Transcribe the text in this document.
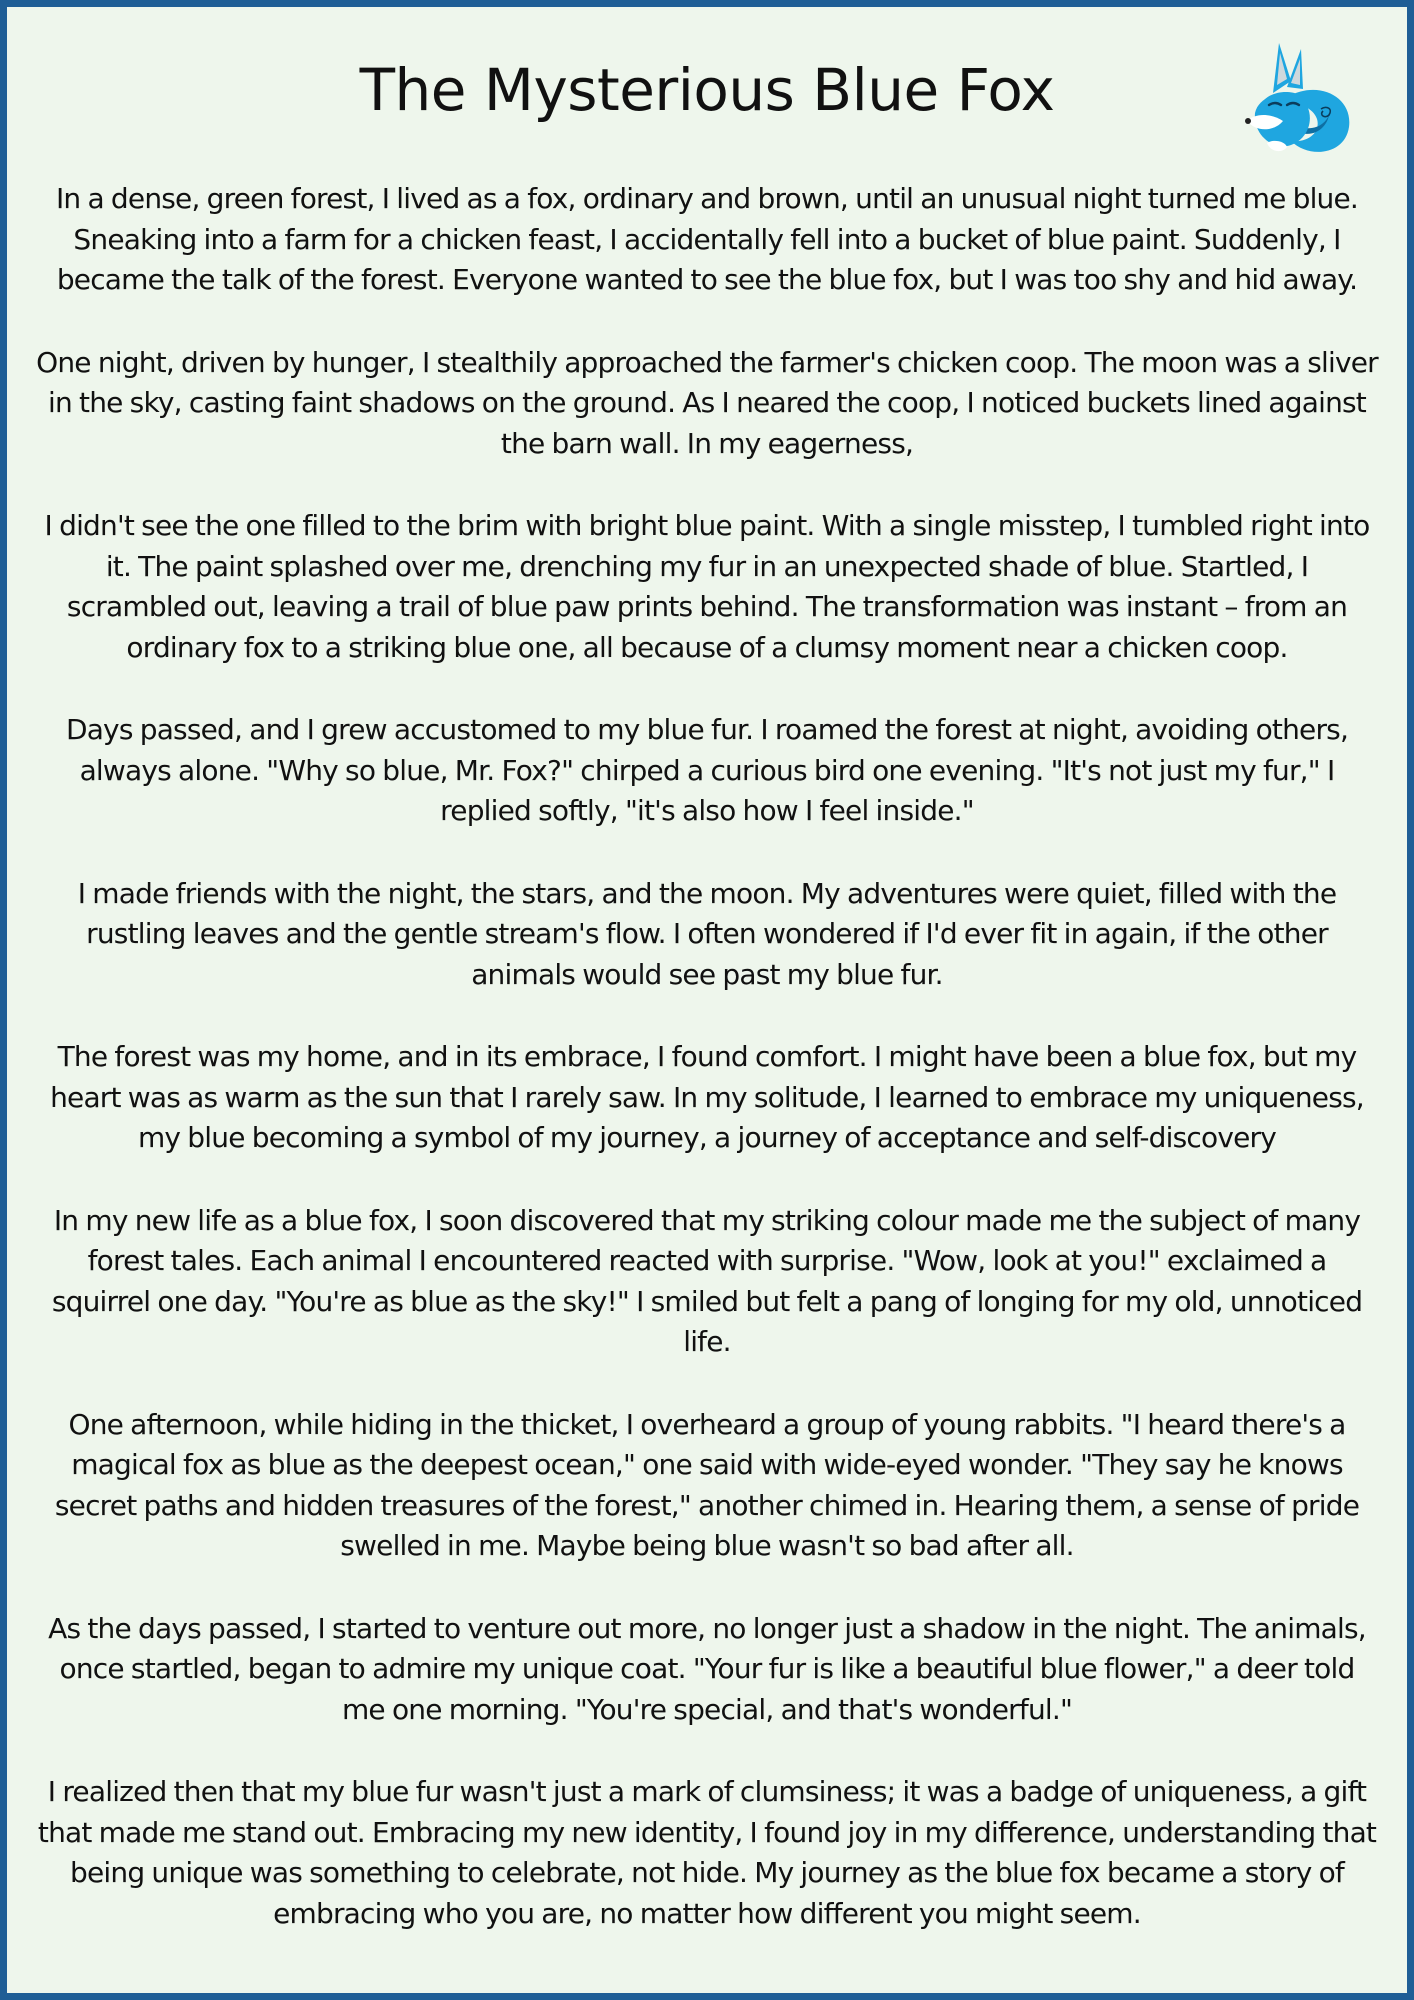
The Mysterious Blue Fox

In a dense, green forest, I lived as a fox, ordinary and brown, until an unusual night turned me blue. Sneaking into a farm for a chicken feast, I accidentally fell into a bucket of blue paint. Suddenly, I became the talk of the forest. Everyone wanted to see the blue fox, but I was too shy and hid away.

One night, driven by hunger, I stealthily approached the farmer's chicken coop. The moon was a sliver in the sky, casting faint shadows on the ground. As I neared the coop, I noticed buckets lined against the barn wall. In my eagerness,

I didn't see the one filled to the brim with bright blue paint. With a single misstep, I tumbled right into it. The paint splashed over me, drenching my fur in an unexpected shade of blue. Startled, I scrambled out, leaving a trail of blue paw prints behind. The transformation was instant – from an ordinary fox to a striking blue one, all because of a clumsy moment near a chicken coop.

Days passed, and I grew accustomed to my blue fur. I roamed the forest at night, avoiding others, always alone. "Why so blue, Mr. Fox?" chirped a curious bird one evening. "It's not just my fur," I replied softly, "it's also how I feel inside."

I made friends with the night, the stars, and the moon. My adventures were quiet, filled with the rustling leaves and the gentle stream's flow. I often wondered if I'd ever fit in again, if the other animals would see past my blue fur.

The forest was my home, and in its embrace, I found comfort. I might have been a blue fox, but my heart was as warm as the sun that I rarely saw. In my solitude, I learned to embrace my uniqueness, my blue becoming a symbol of my journey, a journey of acceptance and self-discovery

In my new life as a blue fox, I soon discovered that my striking colour made me the subject of many forest tales. Each animal I encountered reacted with surprise. "Wow, look at you!" exclaimed a squirrel one day. "You're as blue as the sky!" I smiled but felt a pang of longing for my old, unnoticed life.

One afternoon, while hiding in the thicket, I overheard a group of young rabbits. "I heard there's a magical fox as blue as the deepest ocean," one said with wide-eyed wonder. "They say he knows secret paths and hidden treasures of the forest," another chimed in. Hearing them, a sense of pride swelled in me. Maybe being blue wasn't so bad after all.

As the days passed, I started to venture out more, no longer just a shadow in the night. The animals, once startled, began to admire my unique coat. "Your fur is like a beautiful blue flower," a deer told me one morning. "You're special, and that's wonderful."

I realized then that my blue fur wasn't just a mark of clumsiness; it was a badge of uniqueness, a gift that made me stand out. Embracing my new identity, I found joy in my difference, understanding that being unique was something to celebrate, not hide. My journey as the blue fox became a story of embracing who you are, no matter how different you might seem.
